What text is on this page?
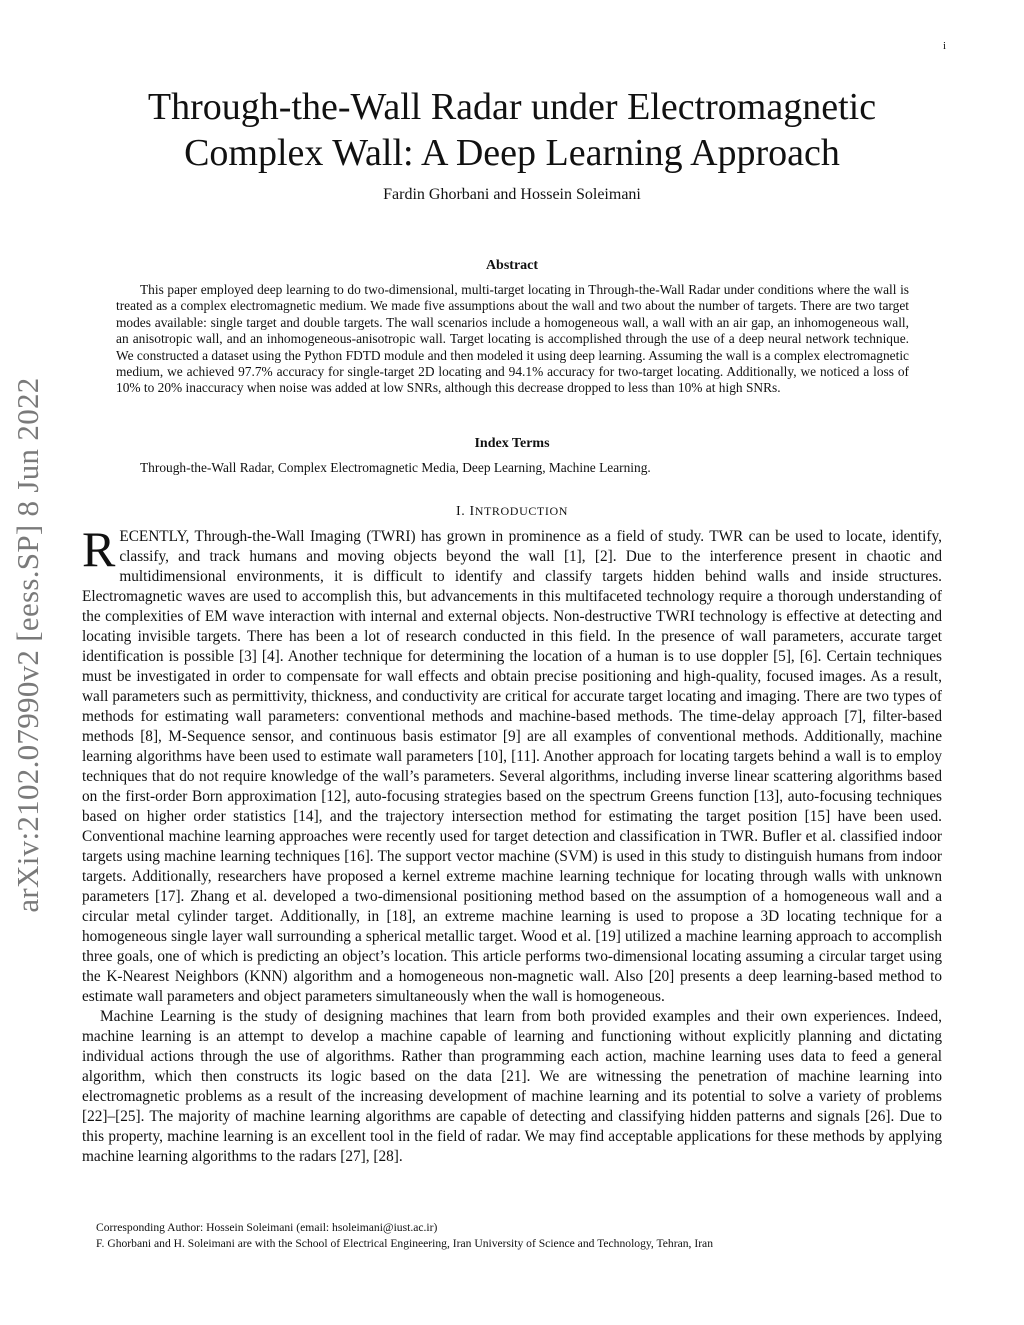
i
arXiv:2102.07990v2 [eess.SP] 8 Jun 2022
Through-the-Wall Radar under Electromagnetic
Complex Wall: A Deep Learning Approach
Fardin Ghorbani and Hossein Soleimani
Abstract

This paper employed deep learning to do two-dimensional, multi-target locating in Through-the-Wall Radar under conditions where the wall is treated as a complex electromagnetic medium. We made five assumptions about the wall and two about the number of targets. There are two target modes available: single target and double targets. The wall scenarios include a homogeneous wall, a wall with an air gap, an inhomogeneous wall, an anisotropic wall, and an inhomogeneous-anisotropic wall. Target locating is accomplished through the use of a deep neural network technique. We constructed a dataset using the Python FDTD module and then modeled it using deep learning. Assuming the wall is a complex electromagnetic medium, we achieved 97.7% accuracy for single-target 2D locating and 94.1% accuracy for two-target locating. Additionally, we noticed a loss of 10% to 20% inaccuracy when noise was added at low SNRs, although this decrease dropped to less than 10% at high SNRs.

Index Terms

Through-the-Wall Radar, Complex Electromagnetic Media, Deep Learning, Machine Learning.

I. INTRODUCTION

RECENTLY, Through-the-Wall Imaging (TWRI) has grown in prominence as a field of study. TWR can be used to locate, identify, classify, and track humans and moving objects beyond the wall [1], [2]. Due to the interference present in chaotic and multidimensional environments, it is difficult to identify and classify targets hidden behind walls and inside structures. Electromagnetic waves are used to accomplish this, but advancements in this multifaceted technology require a thorough understanding of the complexities of EM wave interaction with internal and external objects. Non-destructive TWRI technology is effective at detecting and locating invisible targets. There has been a lot of research conducted in this field. In the presence of wall parameters, accurate target identification is possible [3] [4]. Another technique for determining the location of a human is to use doppler [5], [6]. Certain techniques must be investigated in order to compensate for wall effects and obtain precise positioning and high-quality, focused images. As a result, wall parameters such as permittivity, thickness, and conductivity are critical for accurate target locating and imaging. There are two types of methods for estimating wall parameters: conventional methods and machine-based methods. The time-delay approach [7], filter-based methods [8], M-Sequence sensor, and continuous basis estimator [9] are all examples of conventional methods. Additionally, machine learning algorithms have been used to estimate wall parameters [10], [11]. Another approach for locating targets behind a wall is to employ techniques that do not require knowledge of the wall’s parameters. Several algorithms, including inverse linear scattering algorithms based on the first-order Born approximation [12], auto-focusing strategies based on the spectrum Greens function [13], auto-focusing techniques based on higher order statistics [14], and the trajectory intersection method for estimating the target position [15] have been used. Conventional machine learning approaches were recently used for target detection and classification in TWR. Bufler et al. classified indoor targets using machine learning techniques [16]. The support vector machine (SVM) is used in this study to distinguish humans from indoor targets. Additionally, researchers have proposed a kernel extreme machine learning technique for locating through walls with unknown parameters [17]. Zhang et al. developed a two-dimensional positioning method based on the assumption of a homogeneous wall and a circular metal cylinder target. Additionally, in [18], an extreme machine learning is used to propose a 3D locating technique for a homogeneous single layer wall surrounding a spherical metallic target. Wood et al. [19] utilized a machine learning approach to accomplish three goals, one of which is predicting an object’s location. This article performs two-dimensional locating assuming a circular target using the K-Nearest Neighbors (KNN) algorithm and a homogeneous non-magnetic wall. Also [20] presents a deep learning-based method to estimate wall parameters and object parameters simultaneously when the wall is homogeneous.

Machine Learning is the study of designing machines that learn from both provided examples and their own experiences. Indeed, machine learning is an attempt to develop a machine capable of learning and functioning without explicitly planning and dictating individual actions through the use of algorithms. Rather than programming each action, machine learning uses data to feed a general algorithm, which then constructs its logic based on the data [21]. We are witnessing the penetration of machine learning into electromagnetic problems as a result of the increasing development of machine learning and its potential to solve a variety of problems [22]–[25]. The majority of machine learning algorithms are capable of detecting and classifying hidden patterns and signals [26]. Due to this property, machine learning is an excellent tool in the field of radar. We may find acceptable applications for these methods by applying machine learning algorithms to the radars [27], [28].

Corresponding Author: Hossein Soleimani (email: hsoleimani@iust.ac.ir)

F. Ghorbani and H. Soleimani are with the School of Electrical Engineering, Iran University of Science and Technology, Tehran, Iran
